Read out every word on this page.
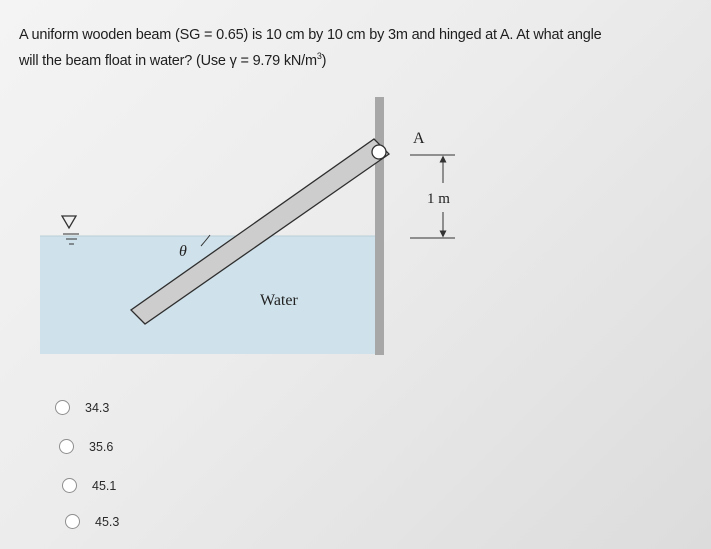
A uniform wooden beam (SG = 0.65) is 10 cm by 10 cm by 3m and hinged at A. At what angle
will the beam float in water? (Use γ = 9.79 $kN/m^3$)
A
1 m
θ
Water
34.3
35.6
45.1
45.3
